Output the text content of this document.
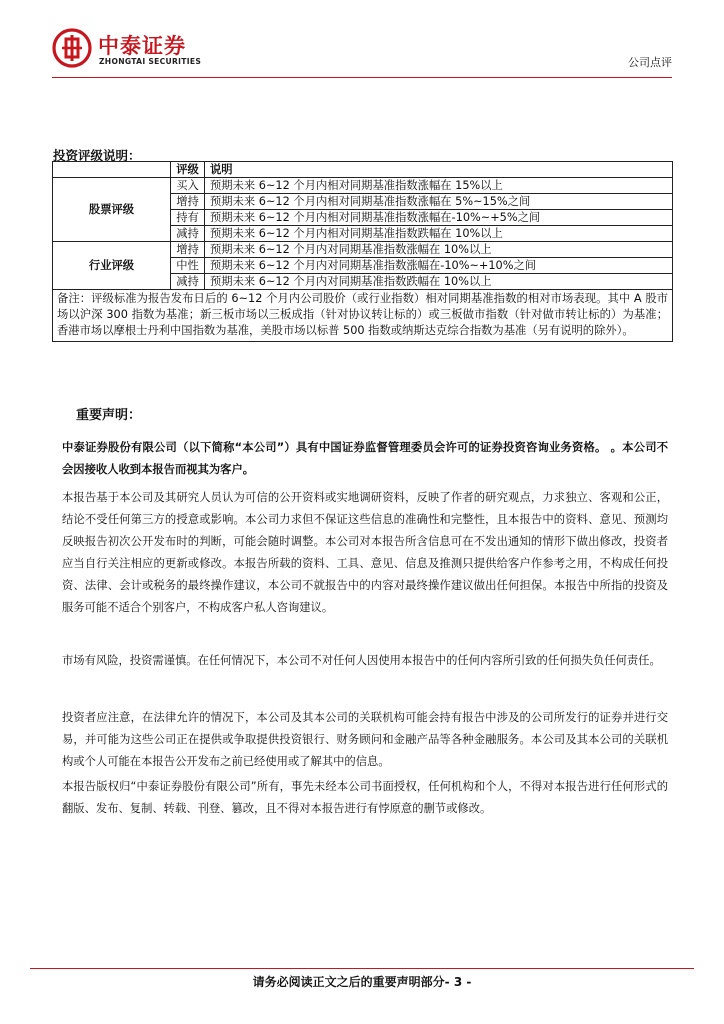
中泰证券
ZHONGTAI SECURITIES	公司点评
投资评级说明：
	评级	说明
股票评级	买入	预期未来 6~12 个月内相对同期基准指数涨幅在 15%以上
	增持	预期未来 6~12 个月内相对同期基准指数涨幅在 5%~15%之间
	持有	预期未来 6~12 个月内相对同期基准指数涨幅在-10%~+5%之间
	减持	预期未来 6~12 个月内相对同期基准指数跌幅在 10%以上
行业评级	增持	预期未来 6~12 个月内对同期基准指数涨幅在 10%以上
	中性	预期未来 6~12 个月内对同期基准指数涨幅在-10%~+10%之间
	减持	预期未来 6~12 个月内对同期基准指数跌幅在 10%以上
备注：评级标准为报告发布日后的 6~12 个月内公司股价（或行业指数）相对同期基准指数的相对市场表现。其中 A 股市场以沪深 300 指数为基准；新三板市场以三板成指（针对协议转让标的）或三板做市指数（针对做市转让标的）为基准；香港市场以摩根士丹利中国指数为基准，美股市场以标普 500 指数或纳斯达克综合指数为基准（另有说明的除外）。		
重要声明：
中泰证券股份有限公司（以下简称“本公司”）具有中国证券监督管理委员会许可的证券投资咨询业务资格。 。本公司不会因接收人收到本报告而视其为客户。
本报告基于本公司及其研究人员认为可信的公开资料或实地调研资料，反映了作者的研究观点，力求独立、客观和公正，结论不受任何第三方的授意或影响。本公司力求但不保证这些信息的准确性和完整性，且本报告中的资料、意见、预测均反映报告初次公开发布时的判断，可能会随时调整。本公司对本报告所含信息可在不发出通知的情形下做出修改，投资者应当自行关注相应的更新或修改。本报告所载的资料、工具、意见、信息及推测只提供给客户作参考之用，不构成任何投资、法律、会计或税务的最终操作建议，本公司不就报告中的内容对最终操作建议做出任何担保。本报告中所指的投资及服务可能不适合个别客户，不构成客户私人咨询建议。
市场有风险，投资需谨慎。在任何情况下，本公司不对任何人因使用本报告中的任何内容所引致的任何损失负任何责任。
投资者应注意，在法律允许的情况下，本公司及其本公司的关联机构可能会持有报告中涉及的公司所发行的证券并进行交易，并可能为这些公司正在提供或争取提供投资银行、财务顾问和金融产品等各种金融服务。本公司及其本公司的关联机构或个人可能在本报告公开发布之前已经使用或了解其中的信息。
本报告版权归“中泰证券股份有限公司”所有，事先未经本公司书面授权，任何机构和个人，不得对本报告进行任何形式的翻版、发布、复制、转载、刊登、篡改，且不得对本报告进行有悖原意的删节或修改。
请务必阅读正文之后的重要声明部分- 3 -
